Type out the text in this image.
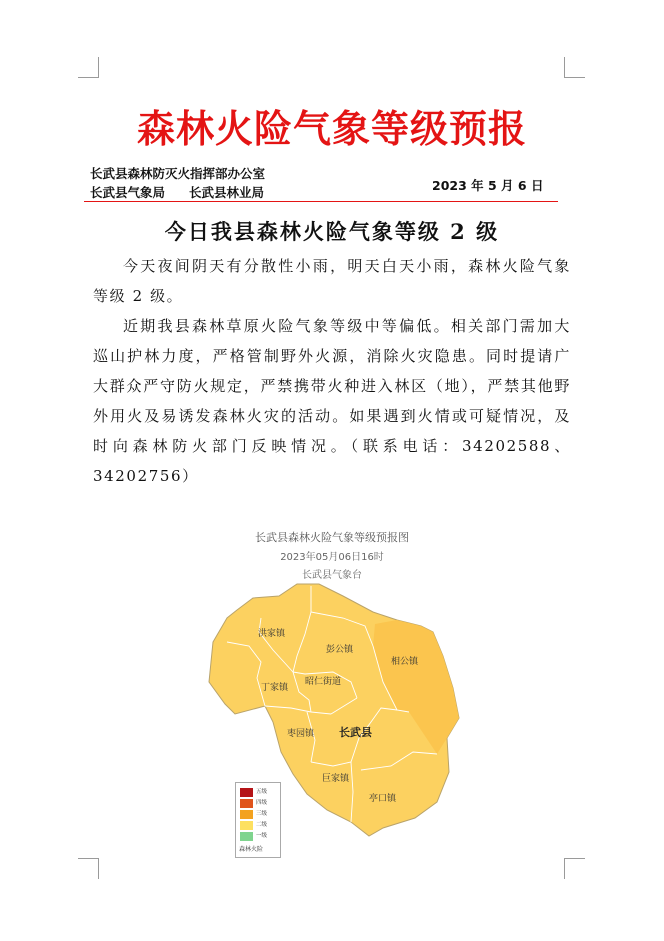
森林火险气象等级预报
长武县森林防灭火指挥部办公室
长武县气象局 长武县林业局	2023 年 5 月 6 日
今日我县森林火险气象等级 2 级

今天夜间阴天有分散性小雨，明天白天小雨，森林火险气象等级 2 级。

近期我县森林草原火险气象等级中等偏低。相关部门需加大巡山护林力度，严格管制野外火源，消除火灾隐患。同时提请广大群众严守防火规定，严禁携带火种进入林区（地），严禁其他野外用火及易诱发森林火灾的活动。如果遇到火情或可疑情况，及时向森林防火部门反映情况。（联系电话：34202588、34202756）

长武县森林火险气象等级预报图
2023年05月06日16时
长武县气象台
洪家镇
彭公镇
相公镇
丁家镇
昭仁街道
枣园镇 长武县
巨家镇
亭口镇
五级
四级
三级
二级
一级
森林火险
